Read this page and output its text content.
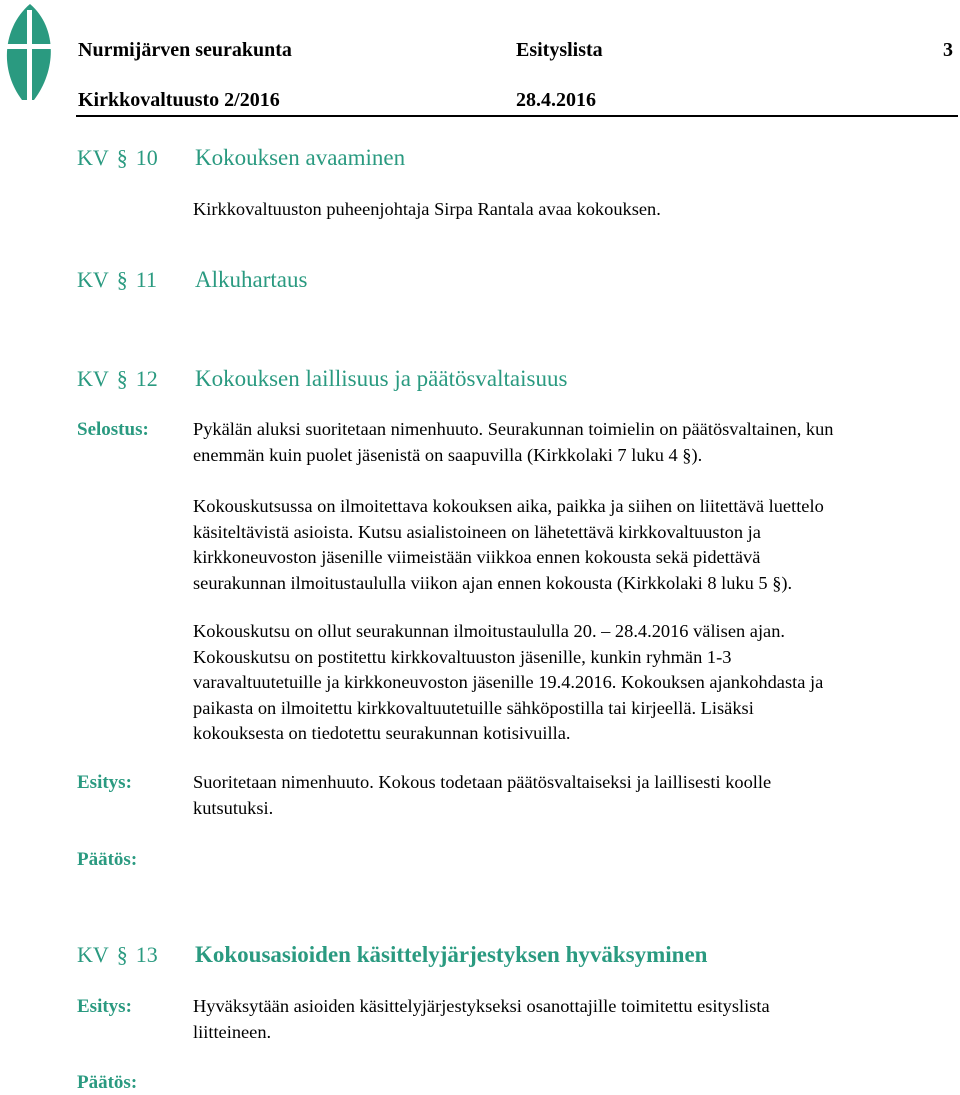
Nurmijärven seurakunta	Esityslista	3
Kirkkovaltuusto 2/2016	28.4.2016
KV § 10 Kokouksen avaaminen

Kirkkovaltuuston puheenjohtaja Sirpa Rantala avaa kokouksen.

KV § 11 Alkuhartaus
KV § 12 Kokouksen laillisuus ja päätösvaltaisuus
Selostus: Pykälän aluksi suoritetaan nimenhuuto. Seurakunnan toimielin on päätösvaltainen, kun
enemmän kuin puolet jäsenistä on saapuvilla (Kirkkolaki 7 luku 4 §).

Kokouskutsussa on ilmoitettava kokouksen aika, paikka ja siihen on liitettävä luettelo
käsiteltävistä asioista. Kutsu asialistoineen on lähetettävä kirkkovaltuuston ja
kirkkoneuvoston jäsenille viimeistään viikkoa ennen kokousta sekä pidettävä
seurakunnan ilmoitustaululla viikon ajan ennen kokousta (Kirkkolaki 8 luku 5 §).

Kokouskutsu on ollut seurakunnan ilmoitustaululla 20. – 28.4.2016 välisen ajan.
Kokouskutsu on postitettu kirkkovaltuuston jäsenille, kunkin ryhmän 1-3
varavaltuutetuille ja kirkkoneuvoston jäsenille 19.4.2016. Kokouksen ajankohdasta ja
paikasta on ilmoitettu kirkkovaltuutetuille sähköpostilla tai kirjeellä. Lisäksi
kokouksesta on tiedotettu seurakunnan kotisivuilla.

Esitys:	Suoritetaan nimenhuuto. Kokous todetaan päätösvaltaiseksi ja laillisesti koolle
kutsutuksi.

Päätös:
KV § 13 Kokousasioiden käsittelyjärjestyksen hyväksyminen
Esitys:	Hyväksytään asioiden käsittelyjärjestykseksi osanottajille toimitettu esityslista
liitteineen.

Päätös:
